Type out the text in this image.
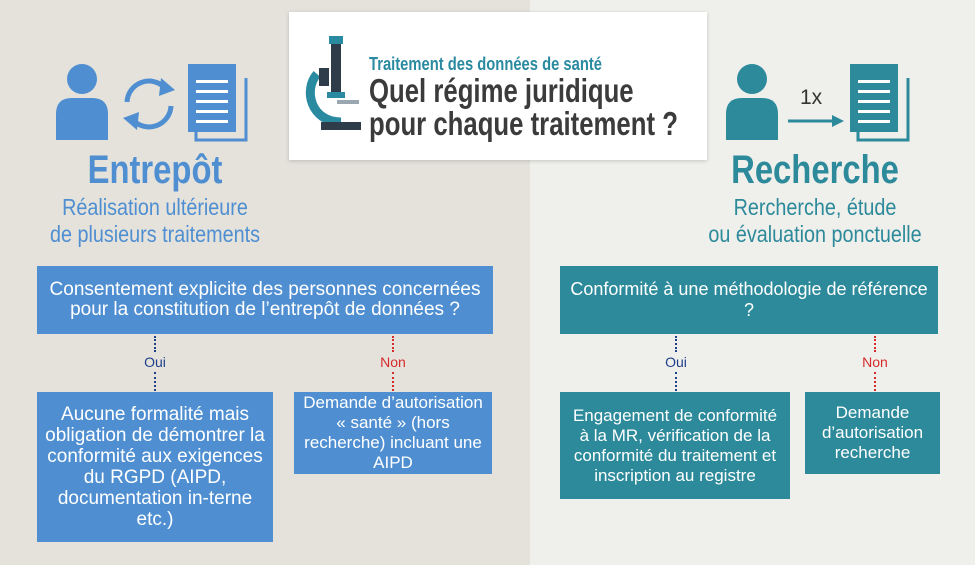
Traitement des données de santé
Quel régime juridique pour chaque traitement ?
1x
Entrepôt
Réalisation ultérieure
de plusieurs traitements
Recherche
Rercherche, étude
ou évaluation ponctuelle
Consentement explicite des personnes concernées
pour la constitution de l’entrepôt de données ?
Oui	Non
Aucune formalité mais obligation de démontrer la conformité aux exigences du RGPD (AIPD, documentation in-terne etc.)
Demande d’autorisation « santé » (hors recherche) incluant une AIPD
Conformité à une méthodologie de référence ?
Oui	Non
Engagement de conformité à la MR, vérification de la conformité du traitement et inscription au registre
Demande d’autorisation recherche
